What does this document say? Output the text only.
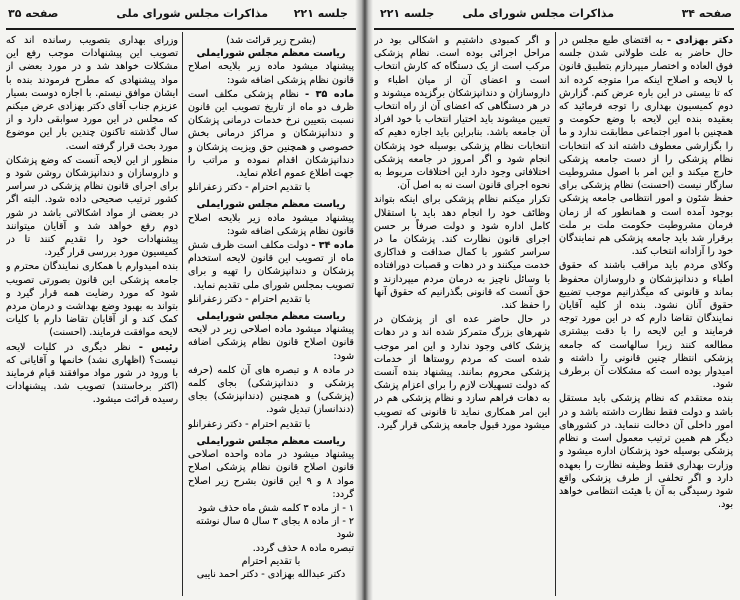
جلسه ۲۲۱
مذاکرات مجلس شورای ملی
صفحه ۳۵
(بشرح زیر قرائت شد)
ریاست معظم مجلس شورایملی

پیشنهاد میشود ماده زیر بلایحه اصلاح قانون نظام پزشکی اضافه شود:

ماده ۳۵ - نظام پزشکی مکلف است ظرف دو ماه از تاریخ تصویب این قانون نسبت بتعیین نرخ خدمات درمانی پزشکان و دندانپزشکان و مراکز درمانی بخش خصوصی و همچنین حق ویزیت پزشکان و دندانپزشکان اقدام نموده و مراتب را جهت اطلاع عموم اعلام نماید.

با تقدیم احترام - دکتر زعفرانلو
ریاست معظم مجلس شورایملی

پیشنهاد میشود ماده زیر بلایحه اصلاح قانون نظام پزشکی اضافه شود:

ماده ۳۴ - دولت مکلف است ظرف شش ماه از تصویب این قانون لایحه استخدام پزشکان و دندانپزشکان را تهیه و برای تصویب بمجلس شورای ملی تقدیم نماید.

با تقدیم احترام - دکتر زعفرانلو
ریاست معظم مجلس شورایملی

پیشنهاد میشود ماده اصلاحی زیر در لایحه قانون اصلاح قانون نظام پزشکی اضافه شود:

در ماده ۸ و تبصره های آن کلمه (حرفه پزشکی و دندانپزشکی) بجای کلمه (پزشکی) و همچنین (دندانپزشک) بجای (دندانساز) تبدیل شود.

با تقدیم احترام - دکتر زعفرانلو
ریاست معظم مجلس شورایملی

پیشنهاد میشود در ماده واحده اصلاحی قانون اصلاح قانون نظام پزشکی اصلاح مواد ۸ و ۹ این قانون بشرح زیر اصلاح گردد:

۱ - از ماده ۳ کلمه شش ماه حذف شود
۲ - از ماده ۸ بجای ۳ سال ۵ سال نوشته شود
تبصره ماده ۸ حذف گردد.
با تقدیم احترام
دکتر عبدالله بهزادی - دکتر احمد نایبی

وزرای بهداری بتصویب رسانده اند که تصویب این پیشنهادات موجب رفع این مشکلات خواهد شد و در مورد بعضی از مواد پیشنهادی که مطرح فرمودند بنده با ایشان موافق نیستم. با اجازه دوست بسیار عزیزم جناب آقای دکتر بهزادی عرض میکنم که مجلس در این مورد سوابقی دارد و از سال گذشته تاکنون چندین بار این موضوع مورد بحث قرار گرفته است.

منظور از این لایحه آنست که وضع پزشکان و داروسازان و دندانپزشکان روشن شود و برای اجرای قانون نظام پزشکی در سراسر کشور ترتیب صحیحی داده شود. البته اگر در بعضی از مواد اشکالاتی باشد در شور دوم رفع خواهد شد و آقایان میتوانند پیشنهادات خود را تقدیم کنند تا در کمیسیون مورد بررسی قرار گیرد.

بنده امیدوارم با همکاری نمایندگان محترم و جامعه پزشکی این قانون بصورتی تصویب شود که مورد رضایت همه قرار گیرد و بتواند به بهبود وضع بهداشت و درمان مردم کمک کند و از آقایان تقاضا دارم با کلیات لایحه موافقت فرمایند. (احسنت)

رئیس - نظر دیگری در کلیات لایحه نیست؟ (اظهاری نشد) خانمها و آقایانی که با ورود در شور مواد موافقند قیام فرمایند (اکثر برخاستند) تصویب شد. پیشنهادات رسیده قرائت میشود.

صفحه ۳۴
مذاکرات مجلس شورای ملی
جلسه ۲۲۱

دکتر بهزادی - به اقتضای طبع مجلس در حال حاضر به علت طولانی شدن جلسه فوق العاده و اختصار میپردازم بتطبیق قانون با لایحه و اصلاح اینکه مرا متوجه کرده اند که تا بیستی در این باره عرض کنم. گزارش دوم کمیسیون بهداری را توجه فرمائید که بعقیده بنده این لایحه با وضع حکومت و همچنین با امور اجتماعی مطابقت ندارد و ما را بگزارشی معطوف داشته اند که انتخابات نظام پزشکی را از دست جامعه پزشکی خارج میکند و این امر با اصول مشروطیت سازگار نیست (احسنت) نظام پزشکی برای حفظ شئون و امور انتظامی جامعه پزشکی بوجود آمده است و همانطور که از زمان فرمان مشروطیت حکومت ملت بر ملت برقرار شد باید جامعه پزشکی هم نمایندگان خود را آزادانه انتخاب کند.

وکلای مردم باید مراقب باشند که حقوق اطباء و دندانپزشکان و داروسازان محفوظ بماند و قانونی که میگذرانیم موجب تضییع حقوق آنان نشود. بنده از کلیه آقایان نمایندگان تقاضا دارم که در این مورد توجه فرمایند و این لایحه را با دقت بیشتری مطالعه کنند زیرا سالهاست که جامعه پزشکی انتظار چنین قانونی را داشته و امیدوار بوده است که مشکلات آن برطرف شود.

بنده معتقدم که نظام پزشکی باید مستقل باشد و دولت فقط نظارت داشته باشد و در امور داخلی آن دخالت ننماید. در کشورهای دیگر هم همین ترتیب معمول است و نظام پزشکی بوسیله خود پزشکان اداره میشود و وزارت بهداری فقط وظیفه نظارت را بعهده دارد و اگر تخلفی از طرف پزشکی واقع شود رسیدگی به آن با هیئت انتظامی خواهد بود.

و اگر کمبودی داشتیم و اشکالی بود در مراحل اجرائی بوده است. نظام پزشکی مرکب است از یک دستگاه که کارش انتخاب است و اعضای آن از میان اطباء و داروسازان و دندانپزشکان برگزیده میشوند و در هر دستگاهی که اعضای آن از راه انتخاب تعیین میشوند باید اختیار انتخاب با خود افراد آن جامعه باشد. بنابراین باید اجازه دهیم که انتخابات نظام پزشکی بوسیله خود پزشکان انجام شود و اگر امروز در جامعه پزشکی اختلافاتی وجود دارد این اختلافات مربوط به نحوه اجرای قانون است نه به اصل آن.

تکرار میکنم نظام پزشکی برای اینکه بتواند وظائف خود را انجام دهد باید با استقلال کامل اداره شود و دولت صرفاً بر حسن اجرای قانون نظارت کند. پزشکان ما در سراسر کشور با کمال صداقت و فداکاری خدمت میکنند و در دهات و قصبات دورافتاده با وسائل ناچیز به درمان مردم میپردازند و حق آنست که قانونی بگذرانیم که حقوق آنها را حفظ کند.

در حال حاضر عده ای از پزشکان در شهرهای بزرگ متمرکز شده اند و در دهات پزشک کافی وجود ندارد و این امر موجب شده است که مردم روستاها از خدمات پزشکی محروم بمانند. پیشنهاد بنده آنست که دولت تسهیلات لازم را برای اعزام پزشک به دهات فراهم سازد و نظام پزشکی هم در این امر همکاری نماید تا قانونی که تصویب میشود مورد قبول جامعه پزشکی قرار گیرد.
